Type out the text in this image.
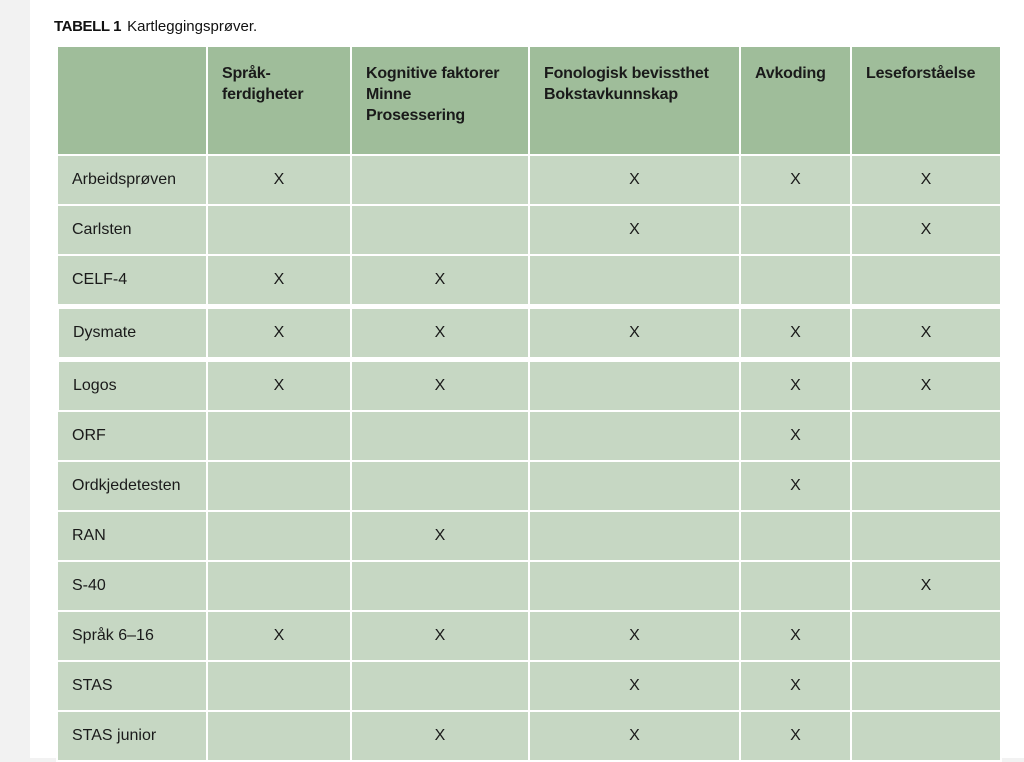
TABELL 1 Kartleggingsprøver.
	Språk-
ferdigheter	Kognitive faktorer
Minne
Prosessering	Fonologisk bevissthet
Bokstavkunnskap	Avkoding	Leseforståelse
Arbeidsprøven	X		X	X	X
Carlsten			X		X
CELF-4	X	X			
Dysmate	X	X	X	X	X
Logos	X	X		X	X
ORF				X	
Ordkjedetesten				X	
RAN		X			
S-40					X
Språk 6–16	X	X	X	X	
STAS			X	X	
STAS junior		X	X	X	
